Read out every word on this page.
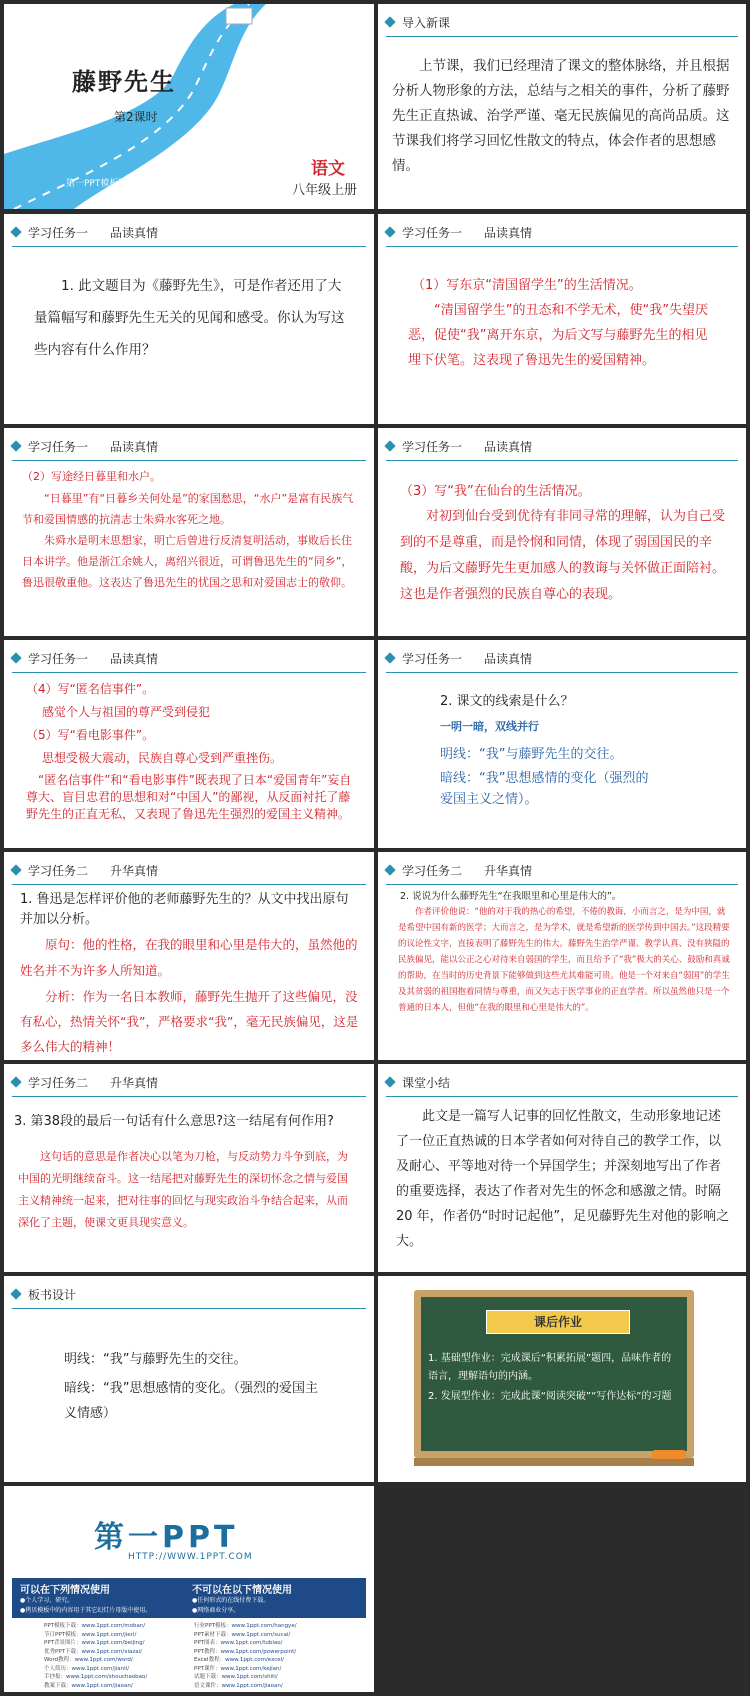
藤野先生
第2课时
第一PPT模板网-WWW.1PPT.COM
语文
八年级上册
导入新课

上节课，我们已经理清了课文的整体脉络，并且根据分析人物形象的方法，总结与之相关的事件，分析了藤野先生正直热诚、治学严谨、毫无民族偏见的高尚品质。这节课我们将学习回忆性散文的特点，体会作者的思想感情。

学习任务一 品读真情

1. 此文题目为《藤野先生》，可是作者还用了大量篇幅写和藤野先生无关的见闻和感受。你认为写这些内容有什么作用？

学习任务一 品读真情
（1）写东京“清国留学生”的生活情况。

“清国留学生”的丑态和不学无术，使“我”失望厌恶，促使“我”离开东京，为后文写与藤野先生的相见埋下伏笔。这表现了鲁迅先生的爱国精神。

学习任务一 品读真情
（2）写途经日暮里和水户。

“日暮里”有“日暮乡关何处是”的家国愁思，“水户”是富有民族气节和爱国情感的抗清志士朱舜水客死之地。

朱舜水是明末思想家，明亡后曾进行反清复明活动，事败后长住日本讲学。他是浙江余姚人，离绍兴很近，可谓鲁迅先生的“同乡”，鲁迅很敬重他。这表达了鲁迅先生的忧国之思和对爱国志士的敬仰。

学习任务一 品读真情
（3）写“我”在仙台的生活情况。

对初到仙台受到优待有非同寻常的理解，认为自己受到的不是尊重，而是怜悯和同情，体现了弱国国民的辛酸，为后文藤野先生更加感人的教诲与关怀做正面陪衬。这也是作者强烈的民族自尊心的表现。

学习任务一 品读真情
（4）写“匿名信事件”。
感觉个人与祖国的尊严受到侵犯
（5）写“看电影事件”。
思想受极大震动，民族自尊心受到严重挫伤。

“匿名信事件”和“看电影事件”既表现了日本“爱国青年”妄自尊大、盲目忠君的思想和对“中国人”的鄙视，从反面衬托了藤野先生的正直无私，又表现了鲁迅先生强烈的爱国主义精神。

学习任务一 品读真情
2. 课文的线索是什么？
一明一暗，双线并行
明线：“我”与藤野先生的交往。

暗线：“我”思想感情的变化（强烈的爱国主义之情）。

学习任务二 升华真情

1. 鲁迅是怎样评价他的老师藤野先生的？从文中找出原句并加以分析。

原句：他的性格，在我的眼里和心里是伟大的，虽然他的姓名并不为许多人所知道。

分析：作为一名日本教师，藤野先生抛开了这些偏见，没有私心，热情关怀“我”，严格要求“我”，毫无民族偏见，这是多么伟大的精神！

学习任务二 升华真情
2. 说说为什么藤野先生“在我眼里和心里是伟大的”。

作者评价他说：“他的对于我的热心的希望，不倦的教诲，小而言之，是为中国，就是希望中国有新的医学；大而言之，是为学术，就是希望新的医学传到中国去。”这段精要的议论性文字，直接表明了藤野先生的伟大。藤野先生治学严谨、教学认真、没有狭隘的民族偏见，能以公正之心对待来自弱国的学生，而且给予了“我”极大的关心、鼓励和真诚的帮助，在当时的历史背景下能够做到这些尤其难能可贵。他是一个对来自“弱国”的学生及其贫弱的祖国抱着同情与尊重，而又矢志于医学事业的正直学者。所以虽然他只是一个普通的日本人，但他“在我的眼里和心里是伟大的”。

学习任务二 升华真情
3. 第38段的最后一句话有什么意思?这一结尾有何作用?

这句话的意思是作者决心以笔为刀枪，与反动势力斗争到底，为中国的光明继续奋斗。这一结尾把对藤野先生的深切怀念之情与爱国主义精神统一起来，把对往事的回忆与现实政治斗争结合起来，从而深化了主题，使课文更具现实意义。

课堂小结

此文是一篇写人记事的回忆性散文，生动形象地记述了一位正直热诚的日本学者如何对待自己的教学工作，以及耐心、平等地对待一个异国学生；并深刻地写出了作者的重要选择，表达了作者对先生的怀念和感激之情。时隔 20 年，作者仍“时时记起他”，足见藤野先生对他的影响之大。

板书设计
明线：“我”与藤野先生的交往。

暗线：“我”思想感情的变化。（强烈的爱国主义情感）

课后作业

1. 基础型作业：完成课后“积累拓展”题四，品味作者的语言，理解语句的内涵。

2. 发展型作业：完成此课“阅读突破”“写作达标”的习题

第一PPT
HTTP://WWW.1PPT.COM
可以在下列情况使用
●个人学习、研究。
●拷贝模板中的内容用于其它幻灯片母版中使用。
不可以在以下情况使用
●任何形式的在线付费下载。
●网络商业分享。
PPT模板下载：www.1ppt.com/moban/
节日PPT模板：www.1ppt.com/jieri/
PPT背景图片：www.1ppt.com/beijing/
优秀PPT下载：www.1ppt.com/xiazai/
Word教程：www.1ppt.com/word/
个人简历：www.1ppt.com/jianli/
手抄报：www.1ppt.com/shouchaobao/
教案下载：www.1ppt.com/jiaoan/
行业PPT模板：www.1ppt.com/hangye/
PPT素材下载：www.1ppt.com/sucai/
PPT图表：www.1ppt.com/tubiao/
PPT教程：www.1ppt.com/powerpoint/
Excel教程：www.1ppt.com/excel/
PPT课件：www.1ppt.com/kejian/
试题下载：www.1ppt.com/shiti/
语文课件：www.1ppt.com/jiaoan/
